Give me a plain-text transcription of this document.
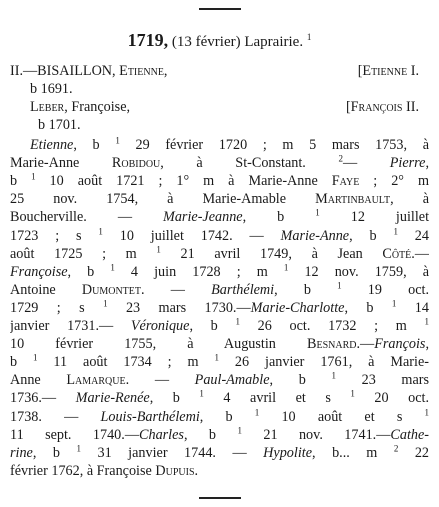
1719, (13 février) Laprairie. $^1$
II.—BISAILLON, Etienne,	[Etienne I.
b 1691.
Leber, Françoise,	[François II.
b 1701.
Etienne, b $^1$ 29 février 1720 ; m 5 mars 1753, à
Marie-Anne Robidou, à St-Constant. $^2$— Pierre,
b $^1$ 10 août 1721 ; 1° m à Marie-Anne Faye ; 2° m
25 nov. 1754, à Marie-Amable Martinbault, à
Boucherville. — Marie-Jeanne, b $^1$ 12 juillet
1723 ; s $^1$ 10 juillet 1742. — Marie-Anne, b $^1$ 24
août 1725 ; m $^1$ 21 avril 1749, à Jean Côté.—
Françoise, b $^1$ 4 juin 1728 ; m $^1$ 12 nov. 1759, à
Antoine Dumontet. — Barthélemi, b $^1$ 19 oct.
1729 ; s $^1$ 23 mars 1730.—Marie-Charlotte, b $^1$ 14
janvier 1731.— Véronique, b $^1$ 26 oct. 1732 ; m $^1$
10 février 1755, à Augustin Besnard.—François,
b $^1$ 11 août 1734 ; m $^1$ 26 janvier 1761, à Marie-
Anne Lamarque. — Paul-Amable, b $^1$ 23 mars
1736.— Marie-Renée, b $^1$ 4 avril et s $^1$ 20 oct.
1738. — Louis-Barthélemi, b $^1$ 10 août et s $^1$
11 sept. 1740.—Charles, b $^1$ 21 nov. 1741.—Cathe-
rine, b $^1$ 31 janvier 1744. — Hypolite, b... m $^2$ 22
février 1762, à Françoise Dupuis.
